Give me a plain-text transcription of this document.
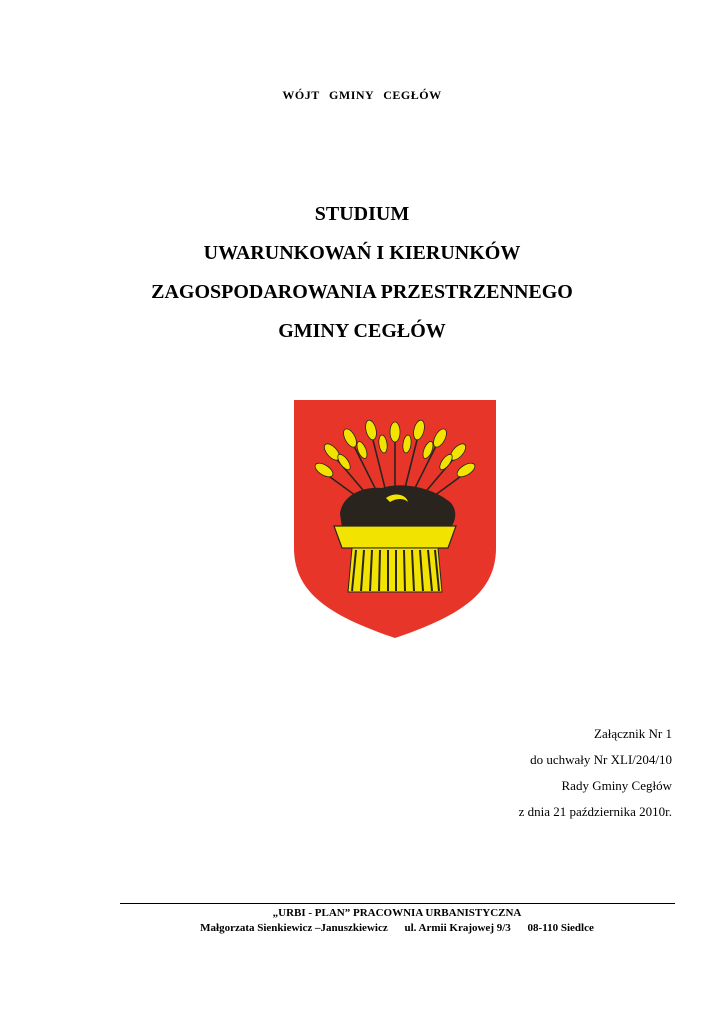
WÓJT GMINY CEGŁÓW
STUDIUM
UWARUNKOWAŃ I KIERUNKÓW
ZAGOSPODAROWANIA PRZESTRZENNEGO
GMINY CEGŁÓW
Załącznik Nr 1
do uchwały Nr XLI/204/10
Rady Gminy Cegłów
z dnia 21 października 2010r.
„URBI - PLAN” PRACOWNIA URBANISTYCZNA
Małgorzata Sienkiewicz –Januszkiewicz ul. Armii Krajowej 9/3 08-110 Siedlce
